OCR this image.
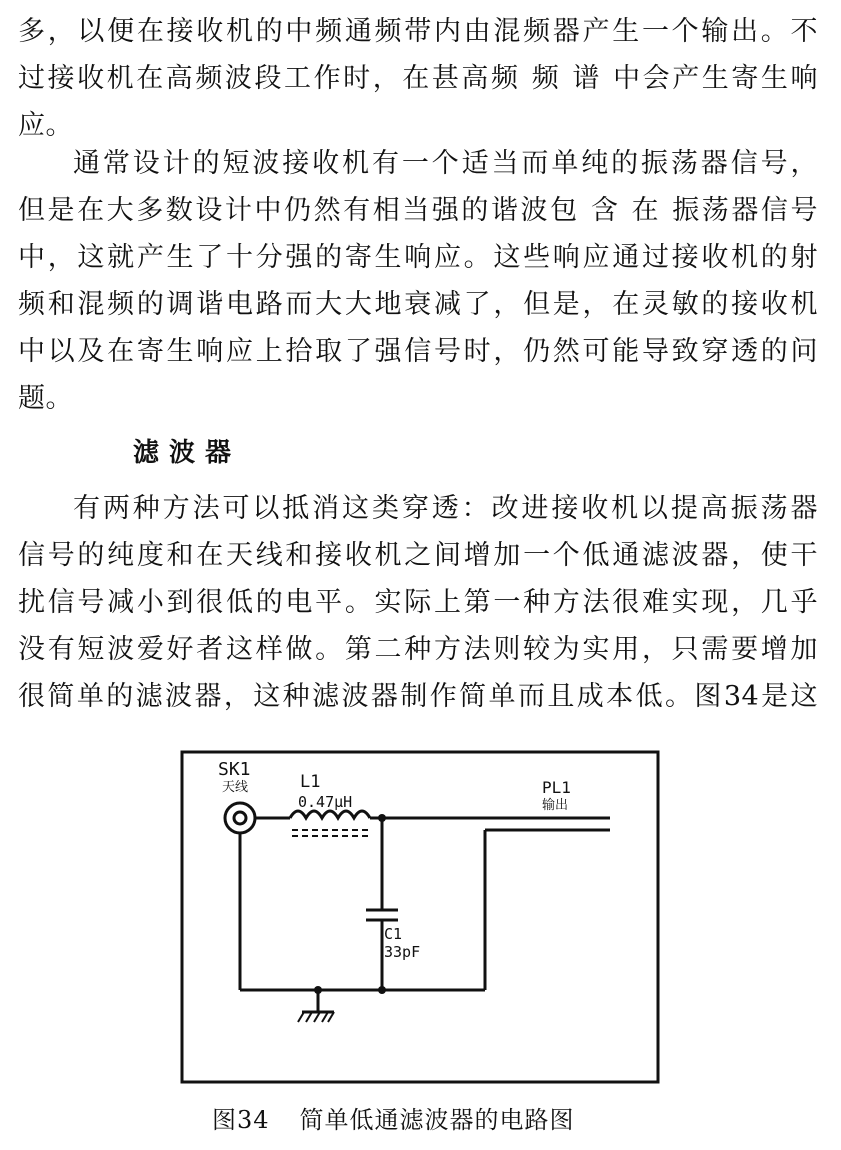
多，以便在接收机的中频通频带内由混频器产生一个输出。不
过接收机在高频波段工作时，在甚高频 频 谱 中会产生寄生响
应。
通常设计的短波接收机有一个适当而单纯的振荡器信号，
但是在大多数设计中仍然有相当强的谐波包 含 在 振荡器信号
中，这就产生了十分强的寄生响应。这些响应通过接收机的射
频和混频的调谐电路而大大地衰减了，但是，在灵敏的接收机
中以及在寄生响应上拾取了强信号时，仍然可能导致穿透的问
题。
滤波器
有两种方法可以抵消这类穿透：改进接收机以提高振荡器
信号的纯度和在天线和接收机之间增加一个低通滤波器，使干
扰信号减小到很低的电平。实际上第一种方法很难实现，几乎
没有短波爱好者这样做。第二种方法则较为实用，只需要增加
很简单的滤波器，这种滤波器制作简单而且成本低。图34是这
SK1
天线	L1
0.47μH
PL1
输出
C1
33pF

图34 简单低通滤波器的电路图
